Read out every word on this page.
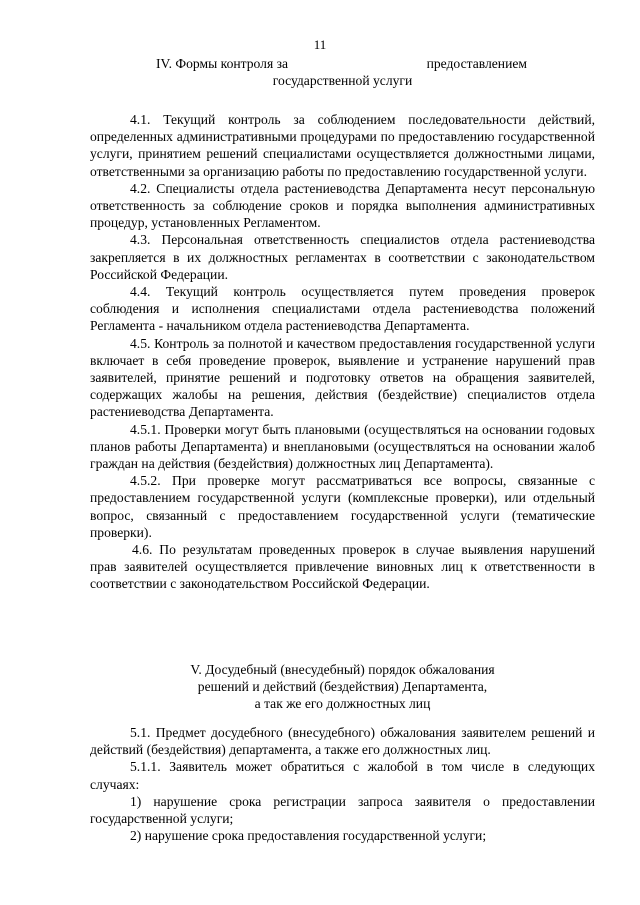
11
IV. Формы контроля за	предоставлением
государственной услуги

4.1. Текущий контроль за соблюдением последовательности действий, определенных административными процедурами по предоставлению государственной услуги, принятием решений специалистами осуществляется должностными лицами, ответственными за организацию работы по предоставлению государственной услуги.

4.2. Специалисты отдела растениеводства Департамента несут персональную ответственность за соблюдение сроков и порядка выполнения административных процедур, установленных Регламентом.

4.3. Персональная ответственность специалистов отдела растениеводства закрепляется в их должностных регламентах в соответствии с законодательством Российской Федерации.

4.4. Текущий контроль осуществляется путем проведения проверок соблюдения и исполнения специалистами отдела растениеводства положений Регламента - начальником отдела растениеводства Департамента.

4.5. Контроль за полнотой и качеством предоставления государственной услуги включает в себя проведение проверок, выявление и устранение нарушений прав заявителей, принятие решений и подготовку ответов на обращения заявителей, содержащих жалобы на решения, действия (бездействие) специалистов отдела растениеводства Департамента.

4.5.1. Проверки могут быть плановыми (осуществляться на основании годовых планов работы Департамента) и внеплановыми (осуществляться на основании жалоб граждан на действия (бездействия) должностных лиц Департамента).

4.5.2. При проверке могут рассматриваться все вопросы, связанные с предоставлением государственной услуги (комплексные проверки), или отдельный вопрос, связанный с предоставлением государственной услуги (тематические проверки).

4.6. По результатам проведенных проверок в случае выявления нарушений прав заявителей осуществляется привлечение виновных лиц к ответственности в соответствии с законодательством Российской Федерации.

V. Досудебный (внесудебный) порядок обжалования
решений и действий (бездействия) Департамента,
а так же его должностных лиц

5.1. Предмет досудебного (внесудебного) обжалования заявителем решений и действий (бездействия) департамента, а также его должностных лиц.

5.1.1. Заявитель может обратиться с жалобой в том числе в следующих случаях:

1) нарушение срока регистрации запроса заявителя о предоставлении государственной услуги;

2) нарушение срока предоставления государственной услуги;
